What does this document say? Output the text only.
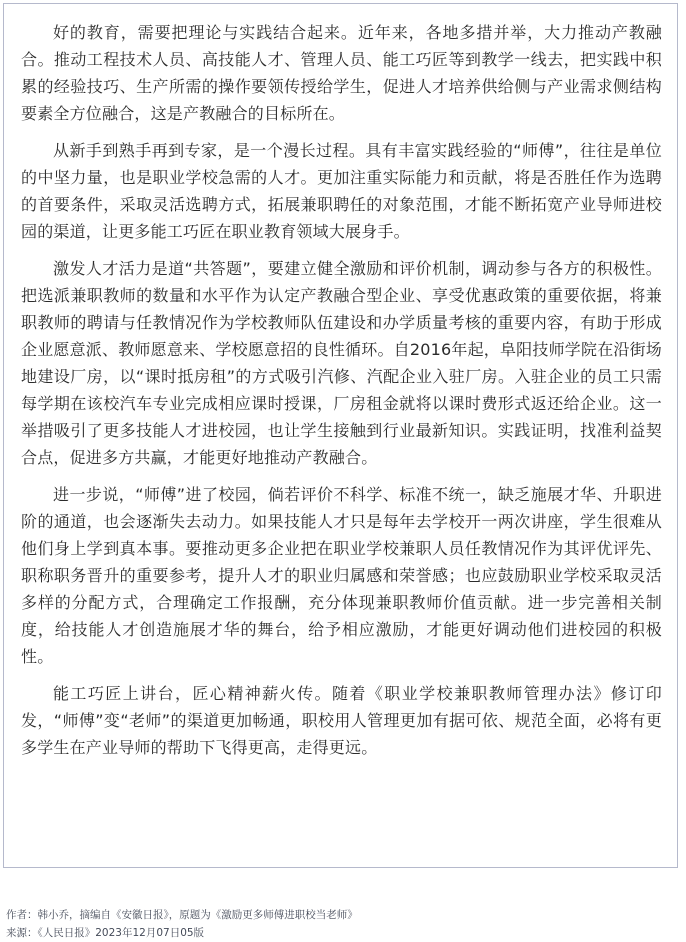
好的教育，需要把理论与实践结合起来。近年来，各地多措并举，大力推动产教融合。推动工程技术人员、高技能人才、管理人员、能工巧匠等到教学一线去，把实践中积累的经验技巧、生产所需的操作要领传授给学生，促进人才培养供给侧与产业需求侧结构要素全方位融合，这是产教融合的目标所在。

从新手到熟手再到专家，是一个漫长过程。具有丰富实践经验的“师傅”，往往是单位的中坚力量，也是职业学校急需的人才。更加注重实际能力和贡献，将是否胜任作为选聘的首要条件，采取灵活选聘方式，拓展兼职聘任的对象范围，才能不断拓宽产业导师进校园的渠道，让更多能工巧匠在职业教育领域大展身手。

激发人才活力是道“共答题”，要建立健全激励和评价机制，调动参与各方的积极性。把选派兼职教师的数量和水平作为认定产教融合型企业、享受优惠政策的重要依据，将兼职教师的聘请与任教情况作为学校教师队伍建设和办学质量考核的重要内容，有助于形成企业愿意派、教师愿意来、学校愿意招的良性循环。自2016年起，阜阳技师学院在沿街场地建设厂房，以“课时抵房租”的方式吸引汽修、汽配企业入驻厂房。入驻企业的员工只需每学期在该校汽车专业完成相应课时授课，厂房租金就将以课时费形式返还给企业。这一举措吸引了更多技能人才进校园，也让学生接触到行业最新知识。实践证明，找准利益契合点，促进多方共赢，才能更好地推动产教融合。

进一步说，“师傅”进了校园，倘若评价不科学、标准不统一，缺乏施展才华、升职进阶的通道，也会逐渐失去动力。如果技能人才只是每年去学校开一两次讲座，学生很难从他们身上学到真本事。要推动更多企业把在职业学校兼职人员任教情况作为其评优评先、职称职务晋升的重要参考，提升人才的职业归属感和荣誉感；也应鼓励职业学校采取灵活多样的分配方式，合理确定工作报酬，充分体现兼职教师价值贡献。进一步完善相关制度，给技能人才创造施展才华的舞台，给予相应激励，才能更好调动他们进校园的积极性。

能工巧匠上讲台，匠心精神薪火传。随着《职业学校兼职教师管理办法》修订印发，“师傅”变“老师”的渠道更加畅通，职校用人管理更加有据可依、规范全面，必将有更多学生在产业导师的帮助下飞得更高，走得更远。

作者：韩小乔，摘编自《安徽日报》，原题为《激励更多师傅进职校当老师》
来源：《人民日报》2023年12月07日05版
